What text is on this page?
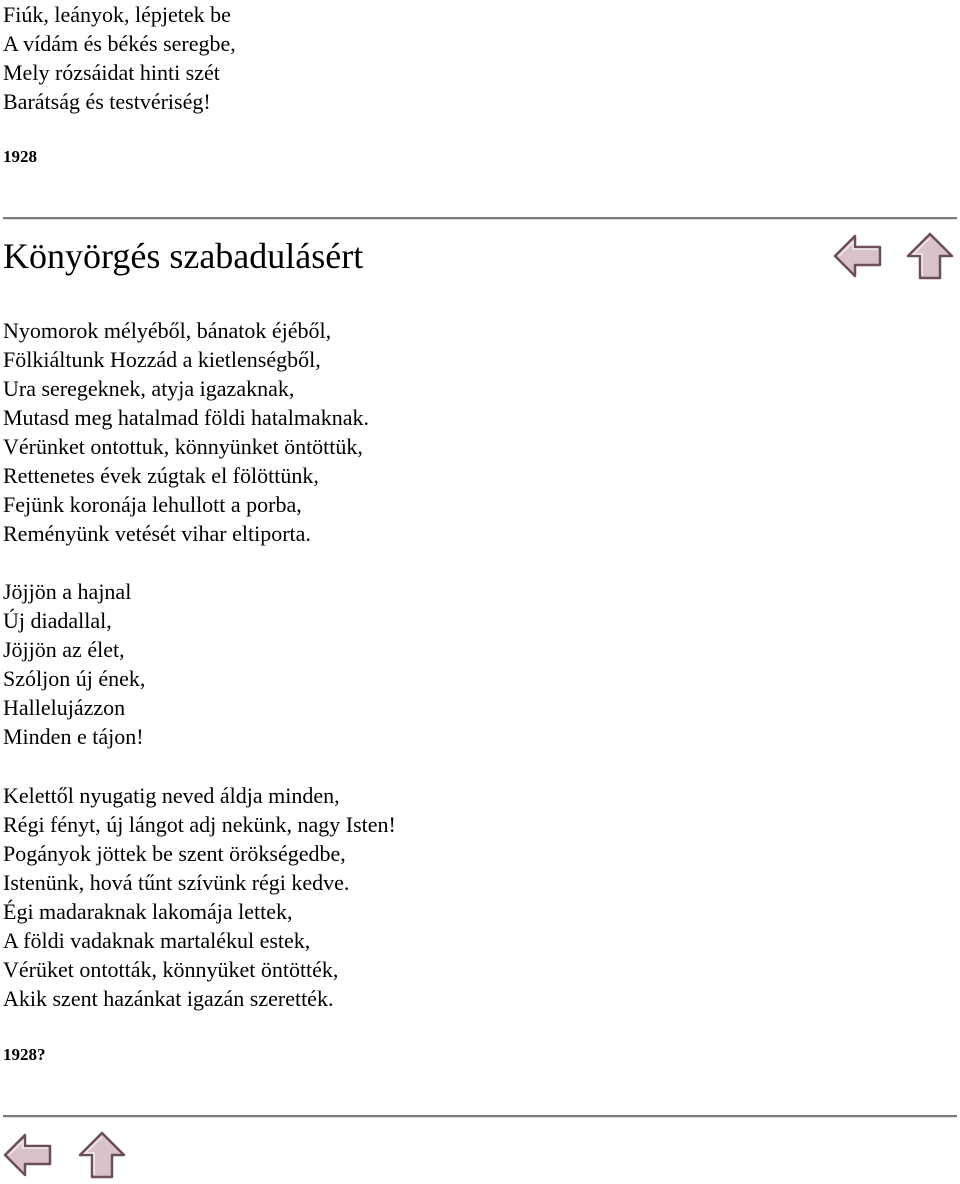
Fiúk, leányok, lépjetek be
A vídám és békés seregbe,
Mely rózsáidat hinti szét
Barátság és testvériség!
1928
Könyörgés szabadulásért
Nyomorok mélyéből, bánatok éjéből,
Fölkiáltunk Hozzád a kietlenségből,
Ura seregeknek, atyja igazaknak,
Mutasd meg hatalmad földi hatalmaknak.
Vérünket ontottuk, könnyünket öntöttük,
Rettenetes évek zúgtak el fölöttünk,
Fejünk koronája lehullott a porba,
Reményünk vetését vihar eltiporta.
Jöjjön a hajnal
Új diadallal,
Jöjjön az élet,
Szóljon új ének,
Hallelujázzon
Minden e tájon!
Kelettől nyugatig neved áldja minden,
Régi fényt, új lángot adj nekünk, nagy Isten!
Pogányok jöttek be szent örökségedbe,
Istenünk, hová tűnt szívünk régi kedve.
Égi madaraknak lakomája lettek,
A földi vadaknak martalékul estek,
Vérüket ontották, könnyüket öntötték,
Akik szent hazánkat igazán szerették.
1928?
